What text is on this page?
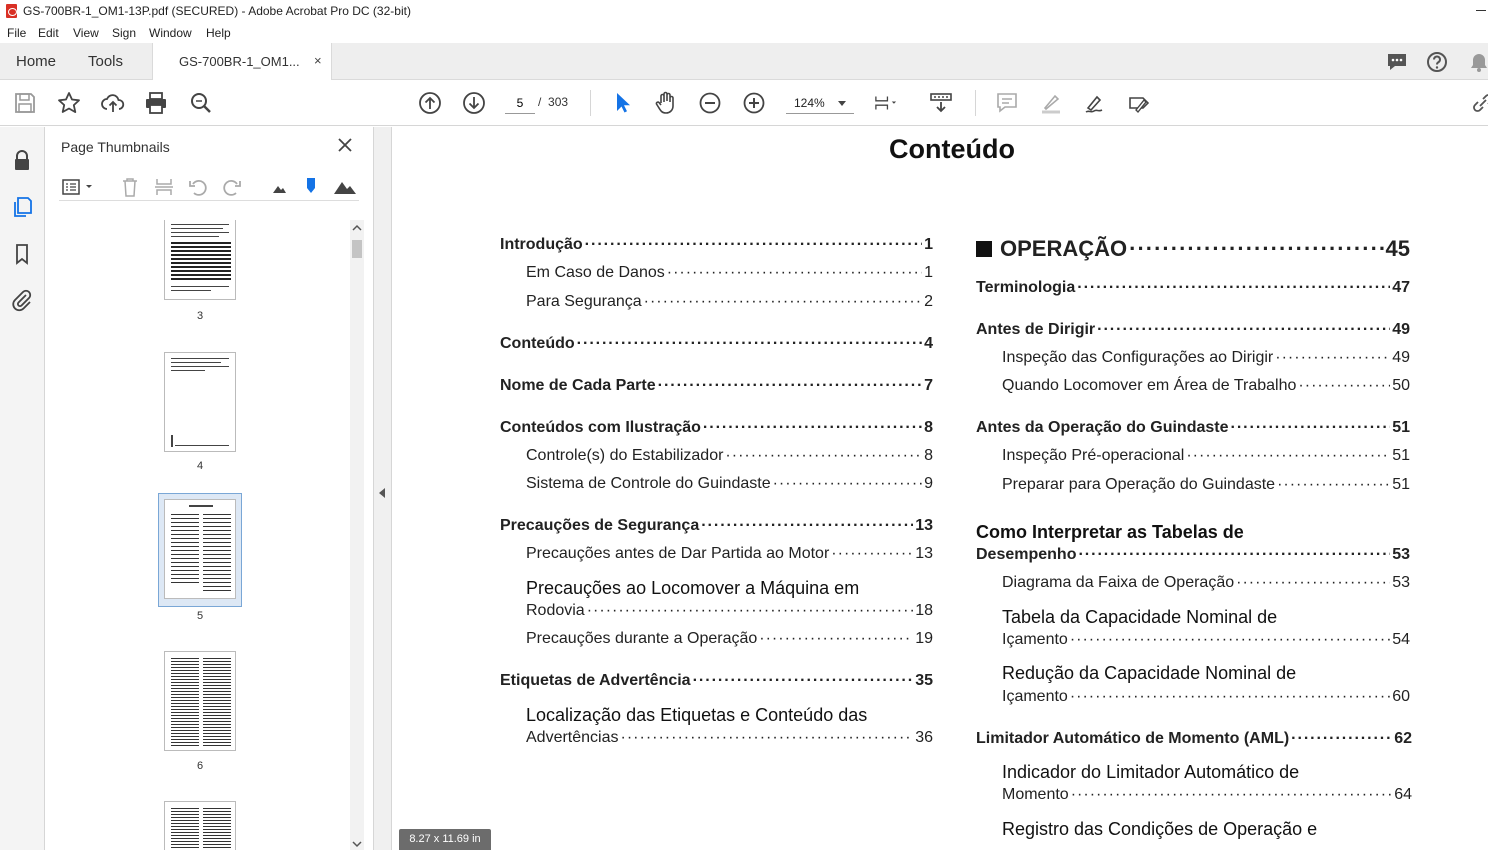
GS-700BR-1_OM1-13P.pdf (SECURED) - Adobe Acrobat Pro DC (32-bit)
File Edit View Sign Window Help
Home Tools	GS-700BR-1_OM1... ×
5
/ 303	124%
Page Thumbnails
3
4
5
6
Conteúdo
Introdução ·····	1
Em Caso de Danos ·····	1
Para Segurança ·····	2
Conteúdo ·····	4
Nome de Cada Parte ·····	7
Conteúdos com Ilustração ·····	8
Controle(s) do Estabilizador ·····	8
Sistema de Controle do Guindaste ·····	9
Precauções de Segurança ·····	13
Precauções antes de Dar Partida ao Motor ·····	13
Precauções ao Locomover a Máquina em
Rodovia ·····	18
Precauções durante a Operação ·····	19
Etiquetas de Advertência ·····	35
Localização das Etiquetas e Conteúdo das
Advertências ·····	36
OPERAÇÃO ·····	45
Terminologia ·····	47
Antes de Dirigir ·····	49
Inspeção das Configurações ao Dirigir ·····	49
Quando Locomover em Área de Trabalho ·····	50
Antes da Operação do Guindaste ·····	51
Inspeção Pré-operacional ·····	51
Preparar para Operação do Guindaste ·····	51
Como Interpretar as Tabelas de
Desempenho ·····	53
Diagrama da Faixa de Operação ·····	53
Tabela da Capacidade Nominal de
Içamento ·····	54
Redução da Capacidade Nominal de
Içamento ·····	60
Limitador Automático de Momento (AML) ·····	62
Indicador do Limitador Automático de
Momento ·····	64
Registro das Condições de Operação e
8.27 x 11.69 in
